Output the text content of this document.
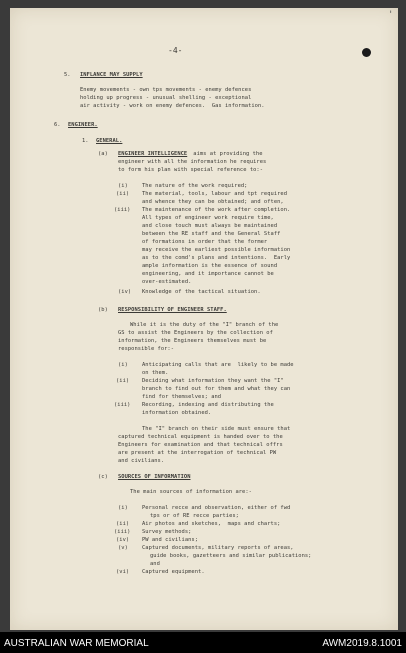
'
-4-
5. INFLANCE MAY SUPPLY
Enemy movements - own tps movements - enemy defences
holding up progress - unusual shelling - exceptional
air activity - work on enemy defences.  Gas information.
6. ENGINEER.
1. GENERAL.
(a) ENGINEER INTELLIGENCE aims at providing the
engineer with all the information he requires
to form his plan with special reference to:-
(i)	The nature of the work required;
(ii) The material, tools, labour and tpt required
and whence they can be obtained; and often,
(iii) The maintenance of the work after completion.
All types of engineer work require time,
and close touch must always be maintained
between the RE staff and the General Staff
of formations in order that the former
may receive the earliest possible information
as to the comd's plans and intentions.  Early
ample information is the essence of sound
engineering, and it importance cannot be
over-estimated.
(iv) Knowledge of the tactical situation.
(b) RESPONSIBILITY OF ENGINEER STAFF.
While it is the duty of the "I" branch of the
GS to assist the Engineers by the collection of
information, the Engineers themselves must be
responsible for:-
(i)	Anticipating calls that are  likely to be made
on them.
(ii) Deciding what information they want the "I"
branch to find out for them and what they can
find for themselves; and
(iii) Recording, indexing and distributing the
information obtained.
The "I" branch on their side must ensure that
captured technical equipment is handed over to the
Engineers for examination and that technical offrs
are present at the interrogation of technical PW
and civilians.
(c) SOURCES OF INFORMATION
The main sources of information are:-
(i)	Personal recce and observation, either of fwd
tps or of RE recce parties;
(ii) Air photos and sketches,  maps and charts;
(iii) Survey methods;
(iv) PW and civilians;
(v)	Captured documents, military reports of areas,
guide books, gazetteers and similar publications;
and
(vi) Captured equipment.
AUSTRALIAN WAR MEMORIAL	AWM2019.8.1001
